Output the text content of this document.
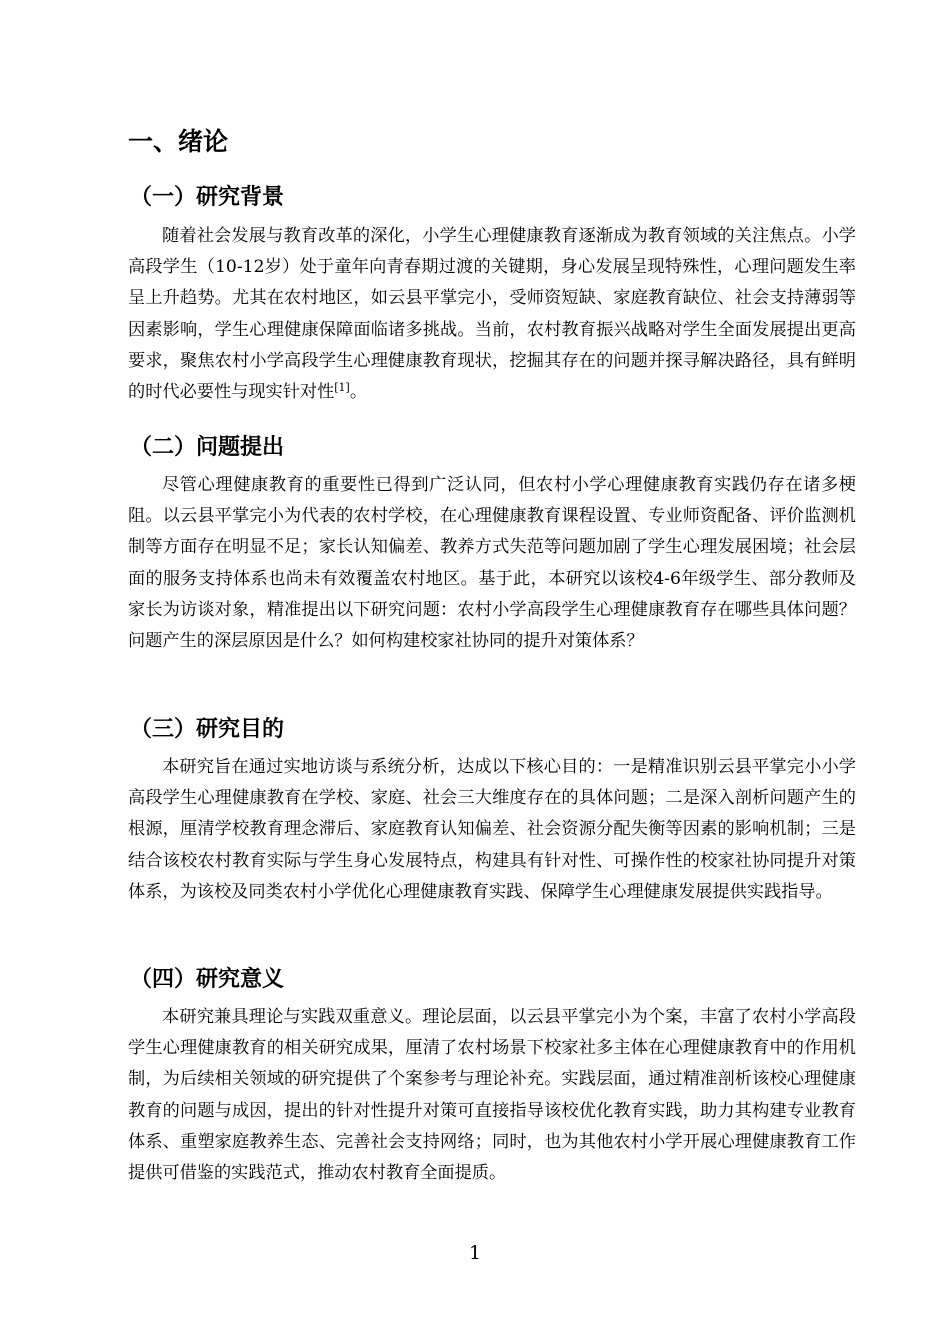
一、绪论
（一）研究背景

随着社会发展与教育改革的深化，小学生心理健康教育逐渐成为教育领域的关注焦点。小学高段学生（10-12岁）处于童年向青春期过渡的关键期，身心发展呈现特殊性，心理问题发生率呈上升趋势。尤其在农村地区，如云县平掌完小，受师资短缺、家庭教育缺位、社会支持薄弱等因素影响，学生心理健康保障面临诸多挑战。当前，农村教育振兴战略对学生全面发展提出更高要求，聚焦农村小学高段学生心理健康教育现状，挖掘其存在的问题并探寻解决路径，具有鲜明的时代必要性与现实针对性[1]。

（二）问题提出

尽管心理健康教育的重要性已得到广泛认同，但农村小学心理健康教育实践仍存在诸多梗阻。以云县平掌完小为代表的农村学校，在心理健康教育课程设置、专业师资配备、评价监测机制等方面存在明显不足；家长认知偏差、教养方式失范等问题加剧了学生心理发展困境；社会层面的服务支持体系也尚未有效覆盖农村地区。基于此，本研究以该校4-6年级学生、部分教师及家长为访谈对象，精准提出以下研究问题：农村小学高段学生心理健康教育存在哪些具体问题？问题产生的深层原因是什么？如何构建校家社协同的提升对策体系？

（三）研究目的

本研究旨在通过实地访谈与系统分析，达成以下核心目的：一是精准识别云县平掌完小小学高段学生心理健康教育在学校、家庭、社会三大维度存在的具体问题；二是深入剖析问题产生的根源，厘清学校教育理念滞后、家庭教育认知偏差、社会资源分配失衡等因素的影响机制；三是结合该校农村教育实际与学生身心发展特点，构建具有针对性、可操作性的校家社协同提升对策体系，为该校及同类农村小学优化心理健康教育实践、保障学生心理健康发展提供实践指导。

（四）研究意义

本研究兼具理论与实践双重意义。理论层面，以云县平掌完小为个案，丰富了农村小学高段学生心理健康教育的相关研究成果，厘清了农村场景下校家社多主体在心理健康教育中的作用机制，为后续相关领域的研究提供了个案参考与理论补充。实践层面，通过精准剖析该校心理健康教育的问题与成因，提出的针对性提升对策可直接指导该校优化教育实践，助力其构建专业教育体系、重塑家庭教养生态、完善社会支持网络；同时，也为其他农村小学开展心理健康教育工作提供可借鉴的实践范式，推动农村教育全面提质。

1
